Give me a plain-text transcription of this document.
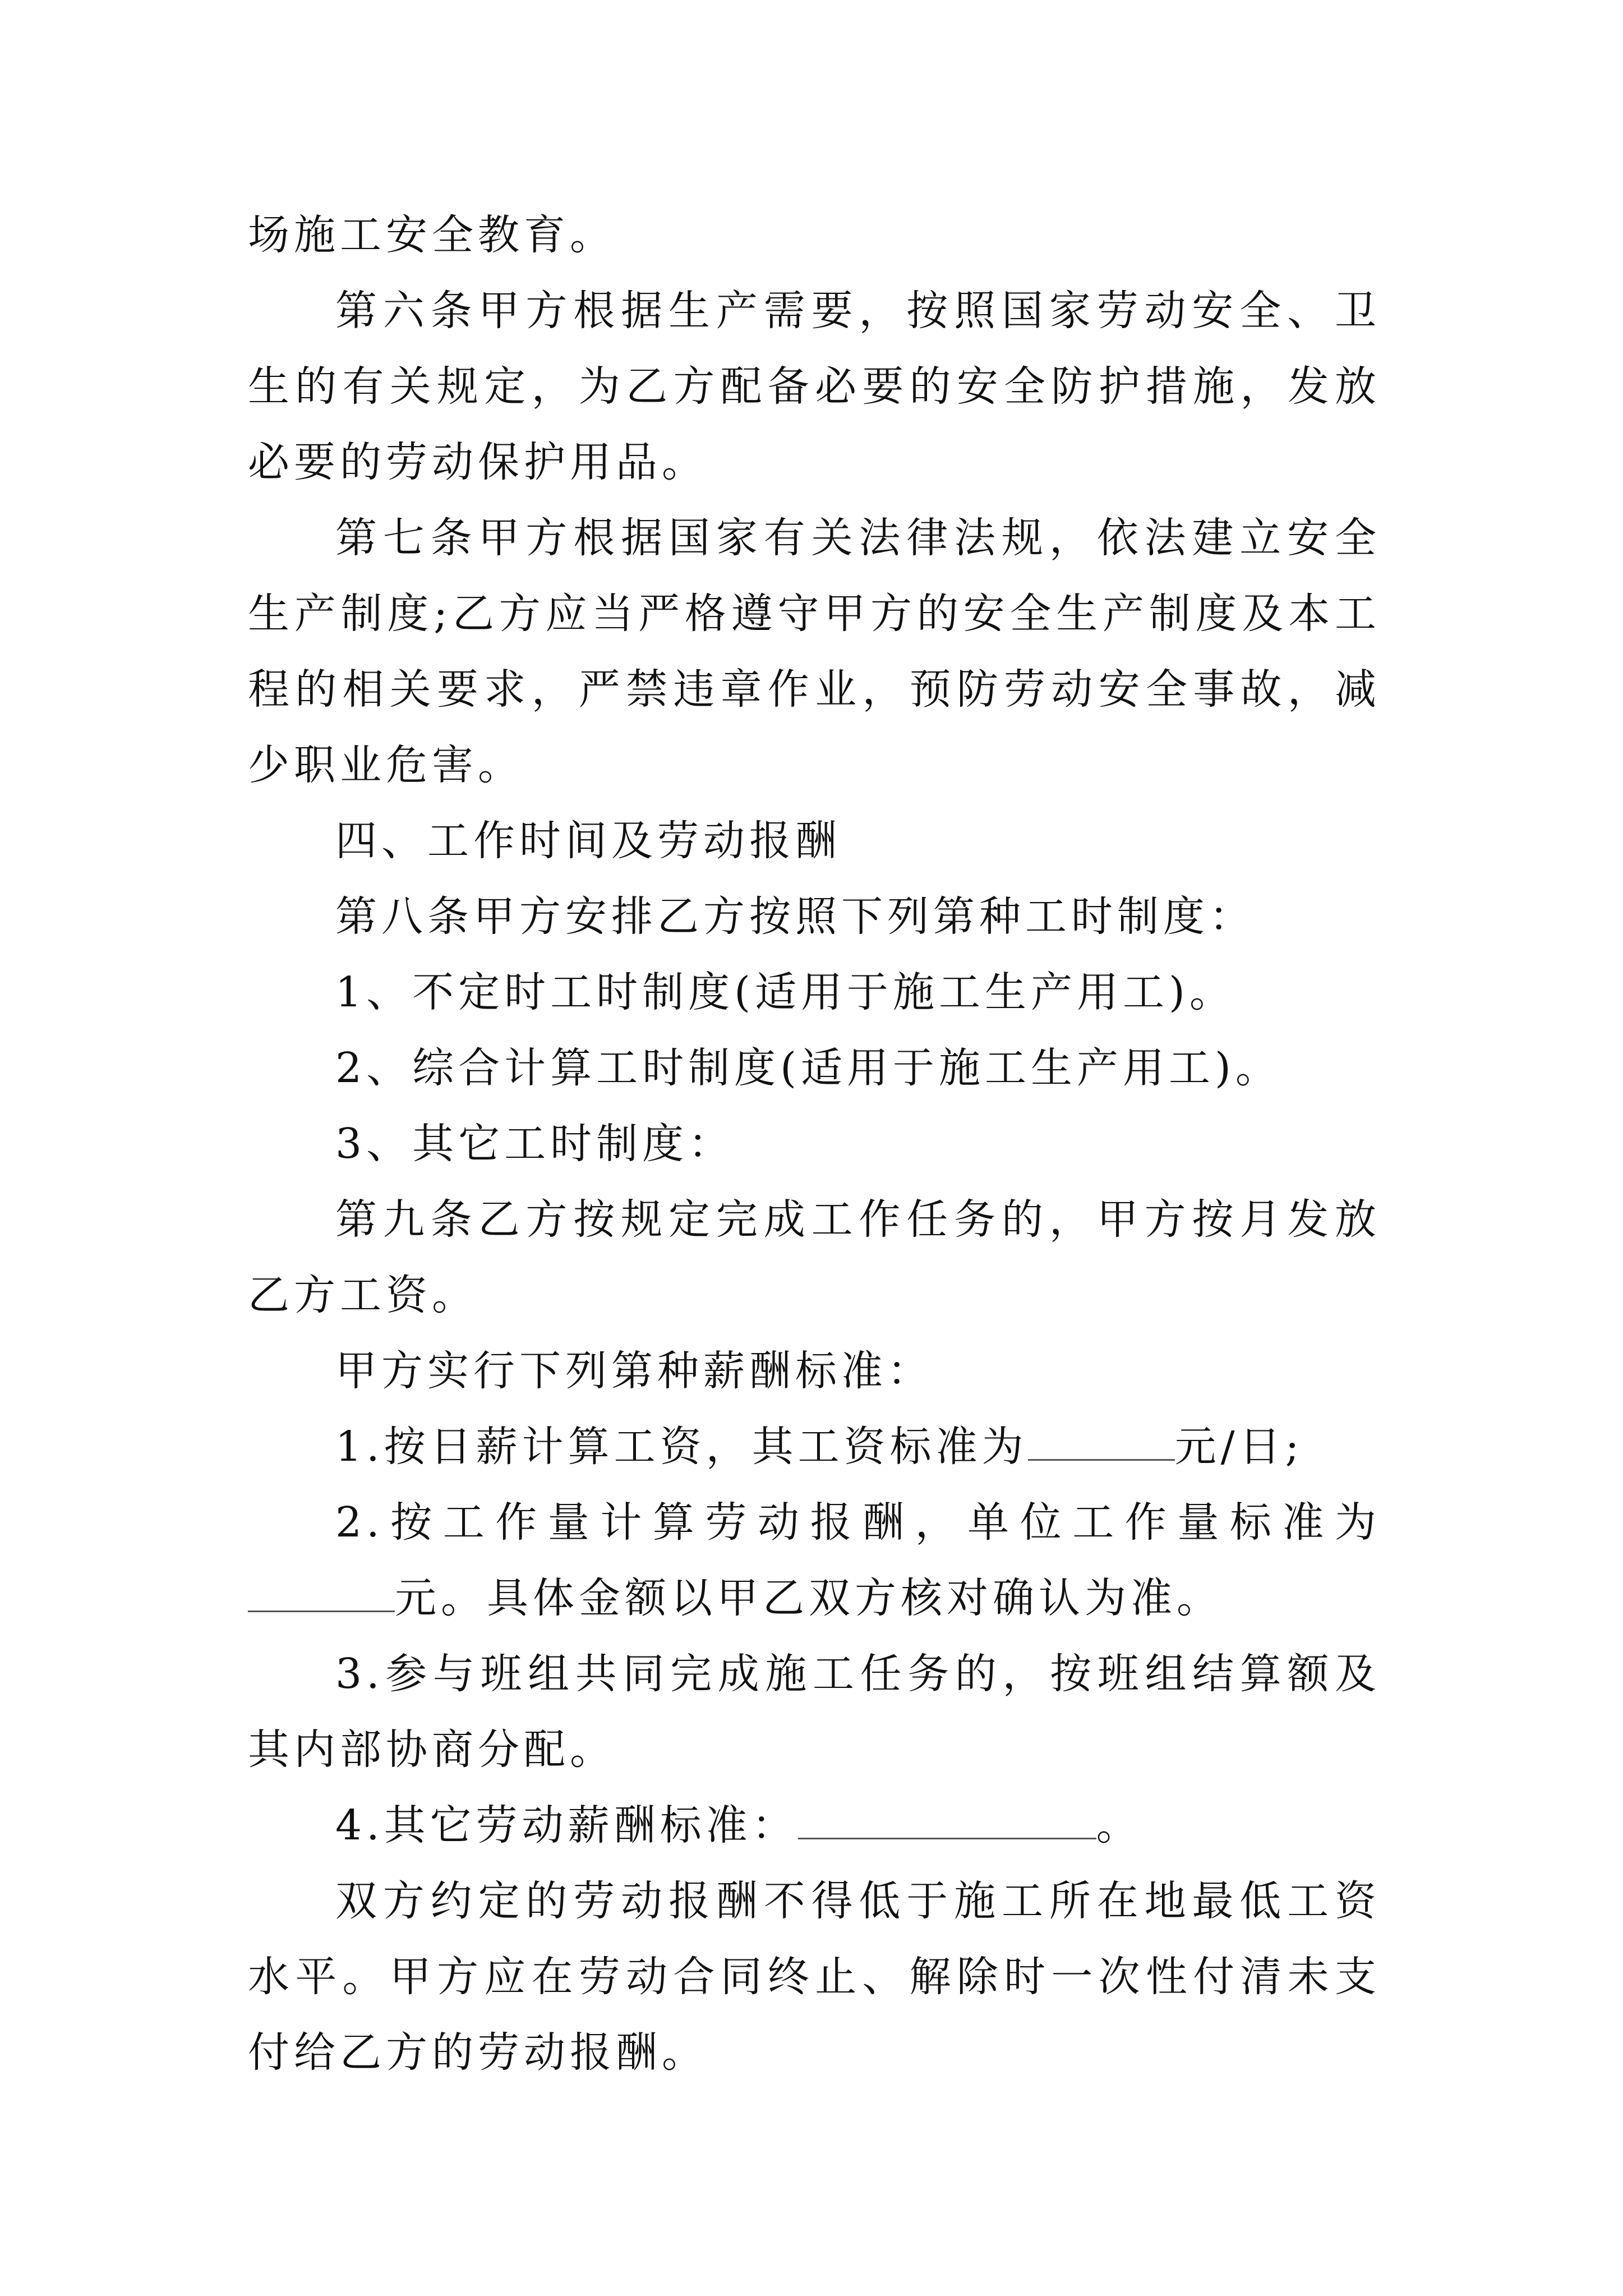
场施工安全教育。

第六条甲方根据生产需要，按照国家劳动安全、卫生的有关规定，为乙方配备必要的安全防护措施，发放必要的劳动保护用品。

第七条甲方根据国家有关法律法规，依法建立安全生产制度;乙方应当严格遵守甲方的安全生产制度及本工程的相关要求，严禁违章作业，预防劳动安全事故，减少职业危害。

四、工作时间及劳动报酬

第八条甲方安排乙方按照下列第种工时制度：

1、不定时工时制度(适用于施工生产用工)。

2、综合计算工时制度(适用于施工生产用工)。

3、其它工时制度：

第九条乙方按规定完成工作任务的，甲方按月发放乙方工资。

甲方实行下列第种薪酬标准：

1.按日薪计算工资，其工资标准为	元/日;

2.按工作量计算劳动报酬，单位工作量标准为元。具体金额以甲乙双方核对确认为准。

3.参与班组共同完成施工任务的，按班组结算额及其内部协商分配。

4.其它劳动薪酬标准：	。

双方约定的劳动报酬不得低于施工所在地最低工资水平。甲方应在劳动合同终止、解除时一次性付清未支付给乙方的劳动报酬。
